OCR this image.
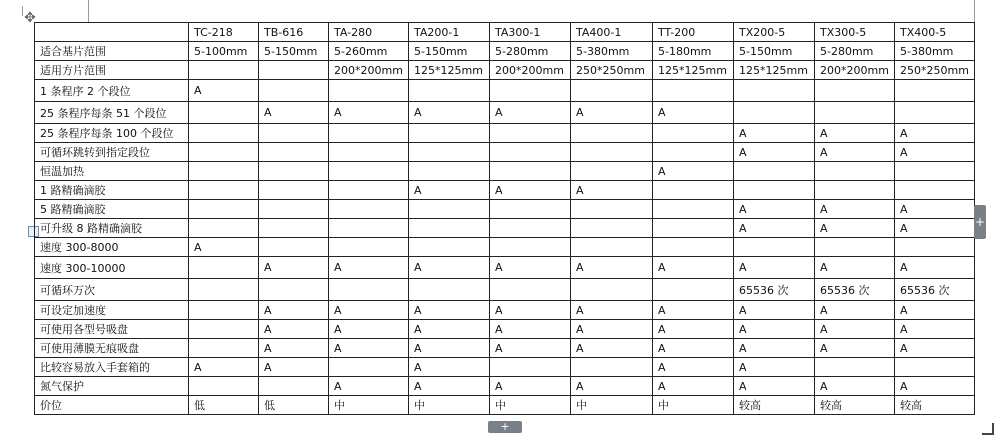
✥
	TC-218	TB-616	TA-280	TA200-1	TA300-1	TA400-1	TT-200	TX200-5	TX300-5	TX400-5
适合基片范围	5-100mm	5-150mm	5-260mm	5-150mm	5-280mm	5-380mm	5-180mm	5-150mm	5-280mm	5-380mm
适用方片范围			200*200mm	125*125mm	200*200mm	250*250mm	125*125mm	125*125mm	200*200mm	250*250mm
1 条程序 2 个段位	A									
25 条程序每条 51 个段位		A	A	A	A	A	A			
25 条程序每条 100 个段位								A	A	A
可循环跳转到指定段位								A	A	A
恒温加热							A			
1 路精确滴胶				A	A	A				
5 路精确滴胶								A	A	A
可升级 8 路精确滴胶								A	A	A
速度 300-8000	A									
速度 300-10000		A	A	A	A	A	A	A	A	A
可循环万次								65536 次	65536 次	65536 次
可设定加速度		A	A	A	A	A	A	A	A	A
可使用各型号吸盘		A	A	A	A	A	A	A	A	A
可使用薄膜无痕吸盘		A	A	A	A	A	A	A	A	A
比较容易放入手套箱的	A	A		A			A	A		
氮气保护			A	A	A	A	A	A	A	A
价位	低	低	中	中	中	中	中	较高	较高	较高
+
+
